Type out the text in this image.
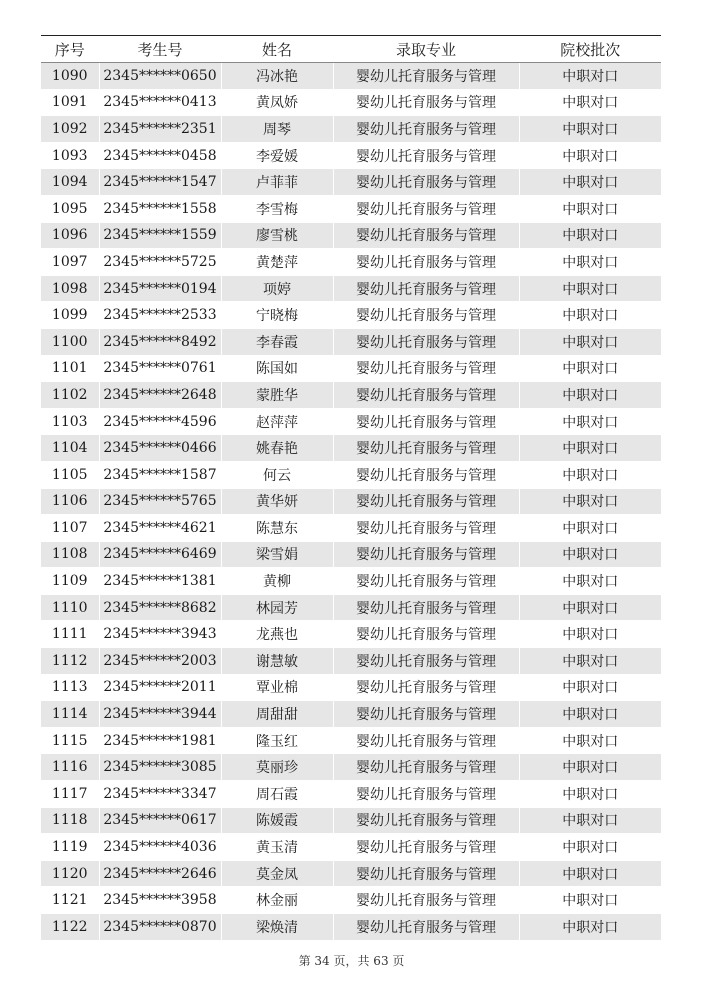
序号	考生号	姓名	录取专业	院校批次
1090	2345******0650	冯冰艳	婴幼儿托育服务与管理	中职对口
1091	2345******0413	黄凤娇	婴幼儿托育服务与管理	中职对口
1092	2345******2351	周琴	婴幼儿托育服务与管理	中职对口
1093	2345******0458	李爱媛	婴幼儿托育服务与管理	中职对口
1094	2345******1547	卢菲菲	婴幼儿托育服务与管理	中职对口
1095	2345******1558	李雪梅	婴幼儿托育服务与管理	中职对口
1096	2345******1559	廖雪桃	婴幼儿托育服务与管理	中职对口
1097	2345******5725	黄楚萍	婴幼儿托育服务与管理	中职对口
1098	2345******0194	项婷	婴幼儿托育服务与管理	中职对口
1099	2345******2533	宁晓梅	婴幼儿托育服务与管理	中职对口
1100	2345******8492	李春霞	婴幼儿托育服务与管理	中职对口
1101	2345******0761	陈国如	婴幼儿托育服务与管理	中职对口
1102	2345******2648	蒙胜华	婴幼儿托育服务与管理	中职对口
1103	2345******4596	赵萍萍	婴幼儿托育服务与管理	中职对口
1104	2345******0466	姚春艳	婴幼儿托育服务与管理	中职对口
1105	2345******1587	何云	婴幼儿托育服务与管理	中职对口
1106	2345******5765	黄华妍	婴幼儿托育服务与管理	中职对口
1107	2345******4621	陈慧东	婴幼儿托育服务与管理	中职对口
1108	2345******6469	梁雪娟	婴幼儿托育服务与管理	中职对口
1109	2345******1381	黄柳	婴幼儿托育服务与管理	中职对口
1110	2345******8682	林园芳	婴幼儿托育服务与管理	中职对口
1111	2345******3943	龙燕也	婴幼儿托育服务与管理	中职对口
1112	2345******2003	谢慧敏	婴幼儿托育服务与管理	中职对口
1113	2345******2011	覃业棉	婴幼儿托育服务与管理	中职对口
1114	2345******3944	周甜甜	婴幼儿托育服务与管理	中职对口
1115	2345******1981	隆玉红	婴幼儿托育服务与管理	中职对口
1116	2345******3085	莫丽珍	婴幼儿托育服务与管理	中职对口
1117	2345******3347	周石霞	婴幼儿托育服务与管理	中职对口
1118	2345******0617	陈媛霞	婴幼儿托育服务与管理	中职对口
1119	2345******4036	黄玉清	婴幼儿托育服务与管理	中职对口
1120	2345******2646	莫金凤	婴幼儿托育服务与管理	中职对口
1121	2345******3958	林金丽	婴幼儿托育服务与管理	中职对口
1122	2345******0870	梁焕清	婴幼儿托育服务与管理	中职对口
第 34 页，共 63 页
